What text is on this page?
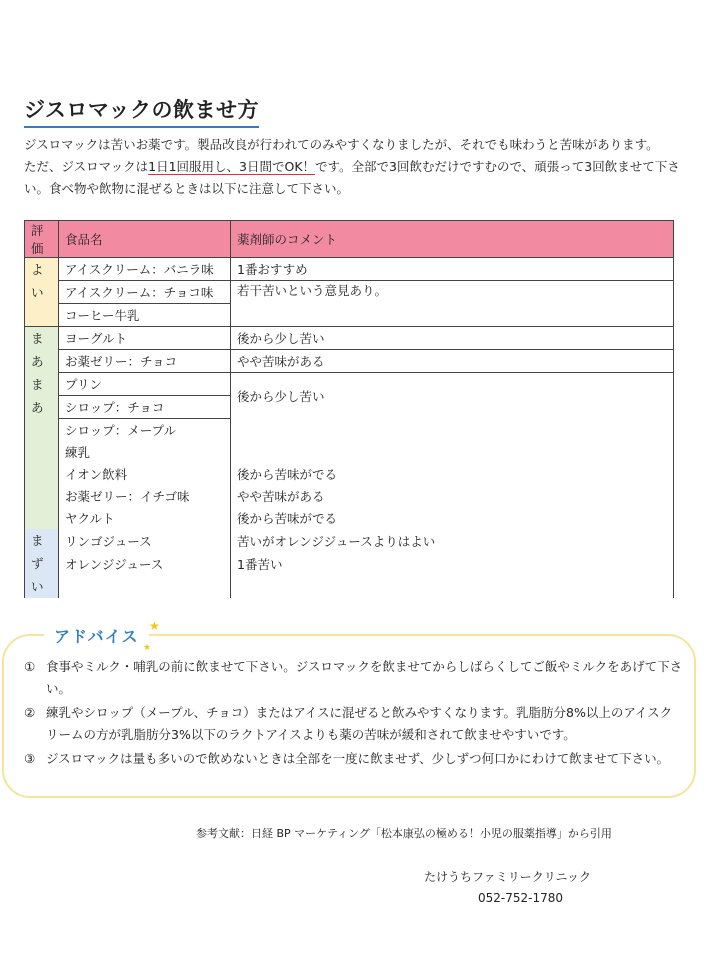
ジスロマックの飲ませ方

ジスロマックは苦いお薬です。製品改良が行われてのみやすくなりましたが、それでも味わうと苦味があります。

ただ、ジスロマックは1日1回服用し、3日間でOK！です。全部で3回飲むだけですむので、頑張って3回飲ませて下さい。食べ物や飲物に混ぜるときは以下に注意して下さい。

評価	食品名	薬剤師のコメント
よい	アイスクリーム：バニラ味	1番おすすめ
	アイスクリーム：チョコ味	若干苦いという意見あり。
	コーヒー牛乳	
まあまあ	ヨーグルト	後から少し苦い
	お薬ゼリー：チョコ	やや苦味がある
	プリン	後から少し苦い
	シロップ：チョコ	
	シロップ：メープル	
	練乳	
	イオン飲料	後から苦味がでる
	お薬ゼリー：イチゴ味	やや苦味がある
	ヤクルト	後から苦味がでる
まずい	リンゴジュース	苦いがオレンジジュースよりはよい
	オレンジジュース	1番苦い

アドバイス
★
★
① 食事やミルク・哺乳の前に飲ませて下さい。ジスロマックを飲ませてからしばらくしてご飯やミルクをあげて下さい。
② 練乳やシロップ（メープル、チョコ）またはアイスに混ぜると飲みやすくなります。乳脂肪分8%以上のアイスクリームの方が乳脂肪分3%以下のラクトアイスよりも薬の苦味が緩和されて飲ませやすいです。
③ ジスロマックは量も多いので飲めないときは全部を一度に飲ませず、少しずつ何口かにわけて飲ませて下さい。
参考文献：日経 BP マーケティング「松本康弘の極める！小児の服薬指導」から引用
たけうちファミリークリニック
052-752-1780
